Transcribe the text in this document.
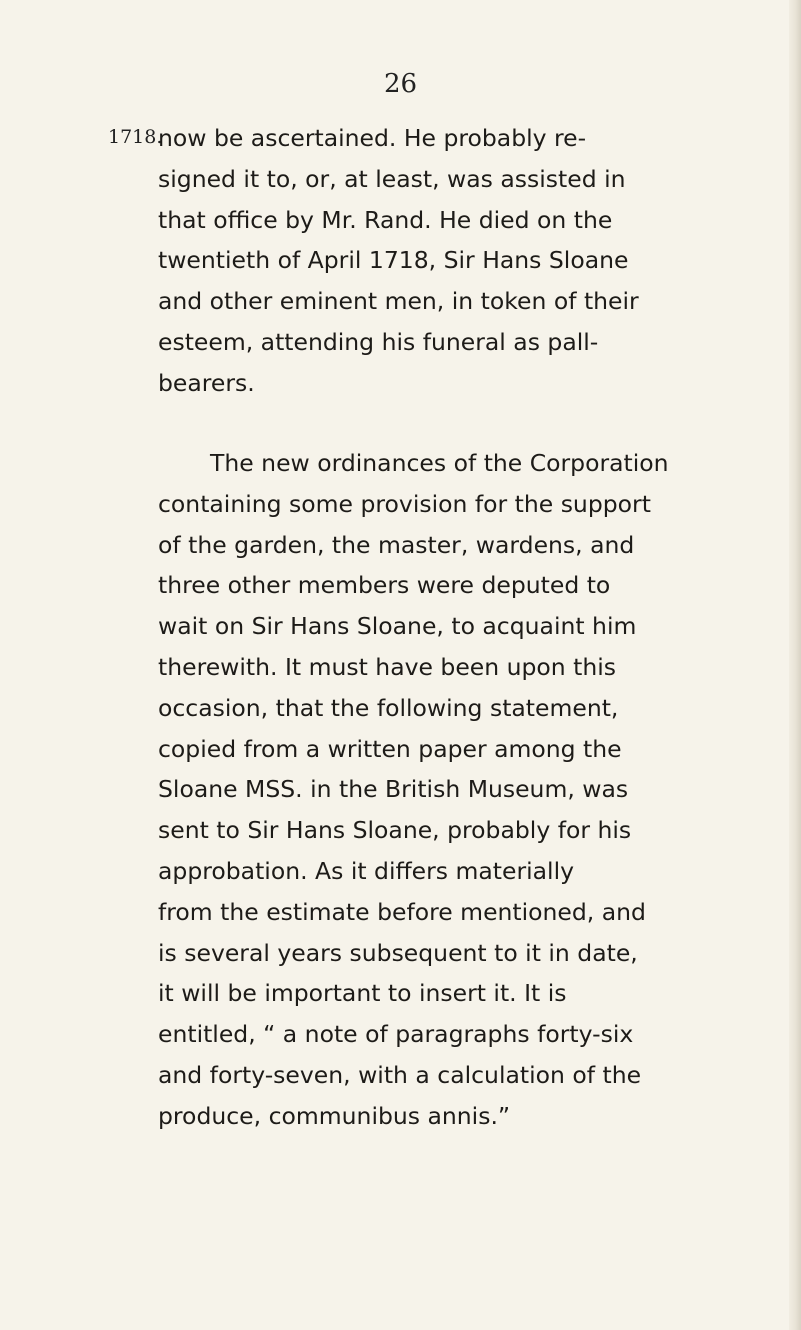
26
1718.
now be ascertained. He probably re-
signed it to, or, at least, was assisted in
that office by Mr. Rand. He died on the
twentieth of April 1718, Sir Hans Sloane
and other eminent men, in token of their
esteem, attending his funeral as pall-
bearers.
The new ordinances of the Corporation
containing some provision for the support
of the garden, the master, wardens, and
three other members were deputed to
wait on Sir Hans Sloane, to acquaint him
therewith. It must have been upon this
occasion, that the following statement,
copied from a written paper among the
Sloane MSS. in the British Museum, was
sent to Sir Hans Sloane, probably for his
approbation. As it differs materially
from the estimate before mentioned, and
is several years subsequent to it in date,
it will be important to insert it. It is
entitled, “ a note of paragraphs forty-six
and forty-seven, with a calculation of the
produce, communibus annis.”
